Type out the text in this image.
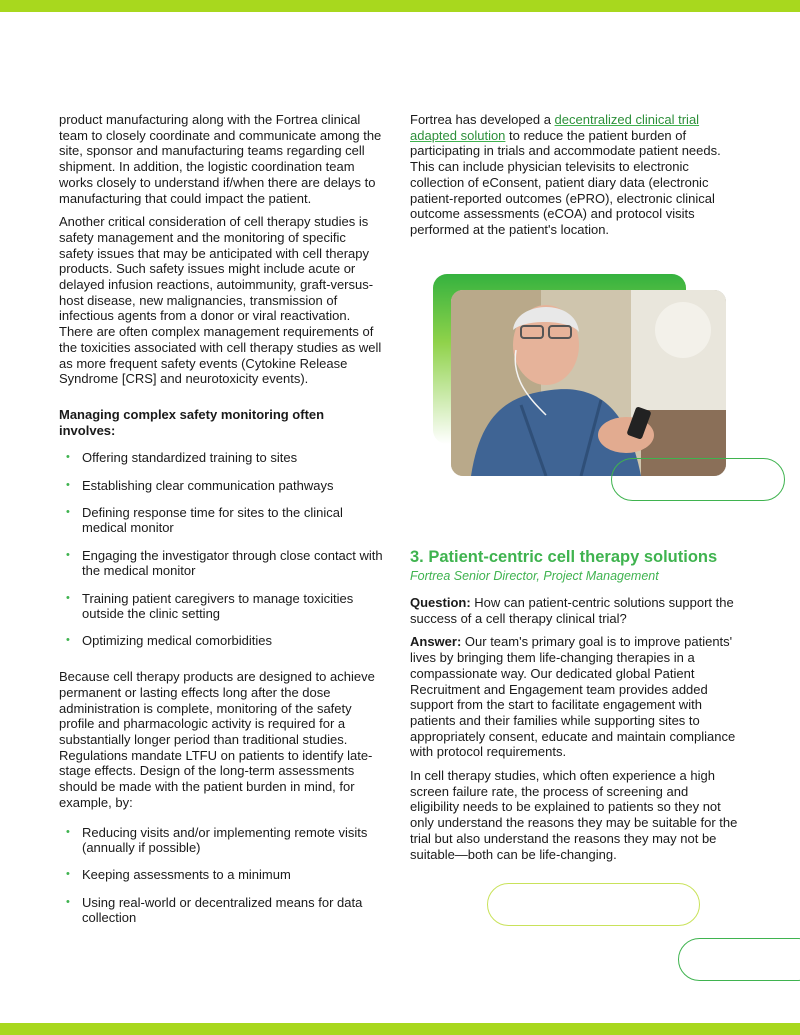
product manufacturing along with the Fortrea clinical team to closely coordinate and communicate among the site, sponsor and manufacturing teams regarding cell shipment. In addition, the logistic coordination team works closely to understand if/when there are delays to manufacturing that could impact the patient.

Another critical consideration of cell therapy studies is safety management and the monitoring of specific safety issues that may be anticipated with cell therapy products. Such safety issues might include acute or delayed infusion reactions, autoimmunity, graft-versus-host disease, new malignancies, transmission of infectious agents from a donor or viral reactivation. There are often complex management requirements of the toxicities associated with cell therapy studies as well as more frequent safety events (Cytokine Release Syndrome [CRS] and neurotoxicity events).

Managing complex safety monitoring often involves:

• Offering standardized training to sites
• Establishing clear communication pathways
• Defining response time for sites to the clinical medical monitor
• Engaging the investigator through close contact with the medical monitor
• Training patient caregivers to manage toxicities outside the clinic setting
• Optimizing medical comorbidities

Because cell therapy products are designed to achieve permanent or lasting effects long after the dose administration is complete, monitoring of the safety profile and pharmacologic activity is required for a substantially longer period than traditional studies. Regulations mandate LTFU on patients to identify late-stage effects. Design of the long-term assessments should be made with the patient burden in mind, for example, by:

• Reducing visits and/or implementing remote visits (annually if possible)
• Keeping assessments to a minimum
• Using real-world or decentralized means for data collection

Fortrea has developed a decentralized clinical trial adapted solution to reduce the patient burden of participating in trials and accommodate patient needs. This can include physician televisits to electronic collection of eConsent, patient diary data (electronic patient-reported outcomes (ePRO), electronic clinical outcome assessments (eCOA) and protocol visits performed at the patient's location.

3. Patient-centric cell therapy solutions
Fortrea Senior Director, Project Management

Question: How can patient-centric solutions support the success of a cell therapy clinical trial?

Answer: Our team's primary goal is to improve patients' lives by bringing them life-changing therapies in a compassionate way. Our dedicated global Patient Recruitment and Engagement team provides added support from the start to facilitate engagement with patients and their families while supporting sites to appropriately consent, educate and maintain compliance with protocol requirements.

In cell therapy studies, which often experience a high screen failure rate, the process of screening and eligibility needs to be explained to patients so they not only understand the reasons they may be suitable for the trial but also understand the reasons they may not be suitable—both can be life-changing.
